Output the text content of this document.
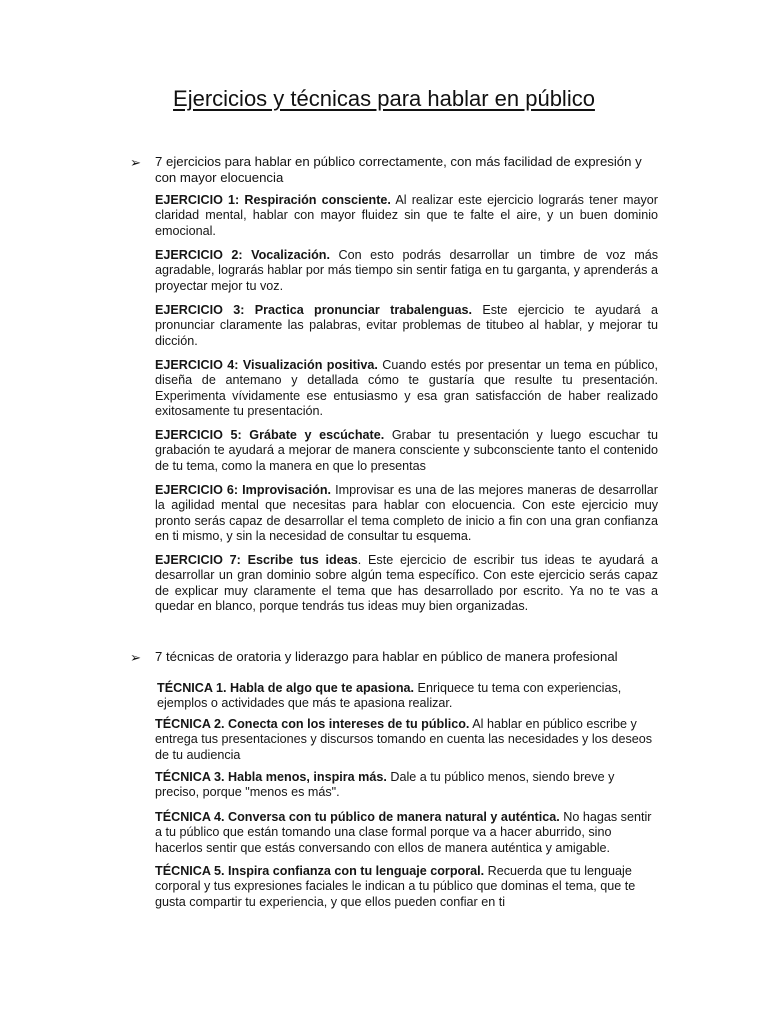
Ejercicios y técnicas para hablar en público
➢ 7 ejercicios para hablar en público correctamente, con más facilidad de expresión y con mayor elocuencia
EJERCICIO 1: Respiración consciente. Al realizar este ejercicio lograrás tener mayor claridad mental, hablar con mayor fluidez sin que te falte el aire, y un buen dominio emocional.
EJERCICIO 2: Vocalización. Con esto podrás desarrollar un timbre de voz más agradable, lograrás hablar por más tiempo sin sentir fatiga en tu garganta, y aprenderás a proyectar mejor tu voz.
EJERCICIO 3: Practica pronunciar trabalenguas. Este ejercicio te ayudará a pronunciar claramente las palabras, evitar problemas de titubeo al hablar, y mejorar tu dicción.
EJERCICIO 4: Visualización positiva. Cuando estés por presentar un tema en público, diseña de antemano y detallada cómo te gustaría que resulte tu presentación. Experimenta vívidamente ese entusiasmo y esa gran satisfacción de haber realizado exitosamente tu presentación.
EJERCICIO 5: Grábate y escúchate. Grabar tu presentación y luego escuchar tu grabación te ayudará a mejorar de manera consciente y subconsciente tanto el contenido de tu tema, como la manera en que lo presentas
EJERCICIO 6: Improvisación. Improvisar es una de las mejores maneras de desarrollar la agilidad mental que necesitas para hablar con elocuencia. Con este ejercicio muy pronto serás capaz de desarrollar el tema completo de inicio a fin con una gran confianza en ti mismo, y sin la necesidad de consultar tu esquema.
EJERCICIO 7: Escribe tus ideas. Este ejercicio de escribir tus ideas te ayudará a desarrollar un gran dominio sobre algún tema específico. Con este ejercicio serás capaz de explicar muy claramente el tema que has desarrollado por escrito. Ya no te vas a quedar en blanco, porque tendrás tus ideas muy bien organizadas.
➢ 7 técnicas de oratoria y liderazgo para hablar en público de manera profesional
TÉCNICA 1. Habla de algo que te apasiona. Enriquece tu tema con experiencias, ejemplos o actividades que más te apasiona realizar.
TÉCNICA 2. Conecta con los intereses de tu público. Al hablar en público escribe y entrega tus presentaciones y discursos tomando en cuenta las necesidades y los deseos de tu audiencia
TÉCNICA 3. Habla menos, inspira más. Dale a tu público menos, siendo breve y preciso, porque "menos es más".
TÉCNICA 4. Conversa con tu público de manera natural y auténtica. No hagas sentir a tu público que están tomando una clase formal porque va a hacer aburrido, sino hacerlos sentir que estás conversando con ellos de manera auténtica y amigable.
TÉCNICA 5. Inspira confianza con tu lenguaje corporal. Recuerda que tu lenguaje corporal y tus expresiones faciales le indican a tu público que dominas el tema, que te gusta compartir tu experiencia, y que ellos pueden confiar en ti
